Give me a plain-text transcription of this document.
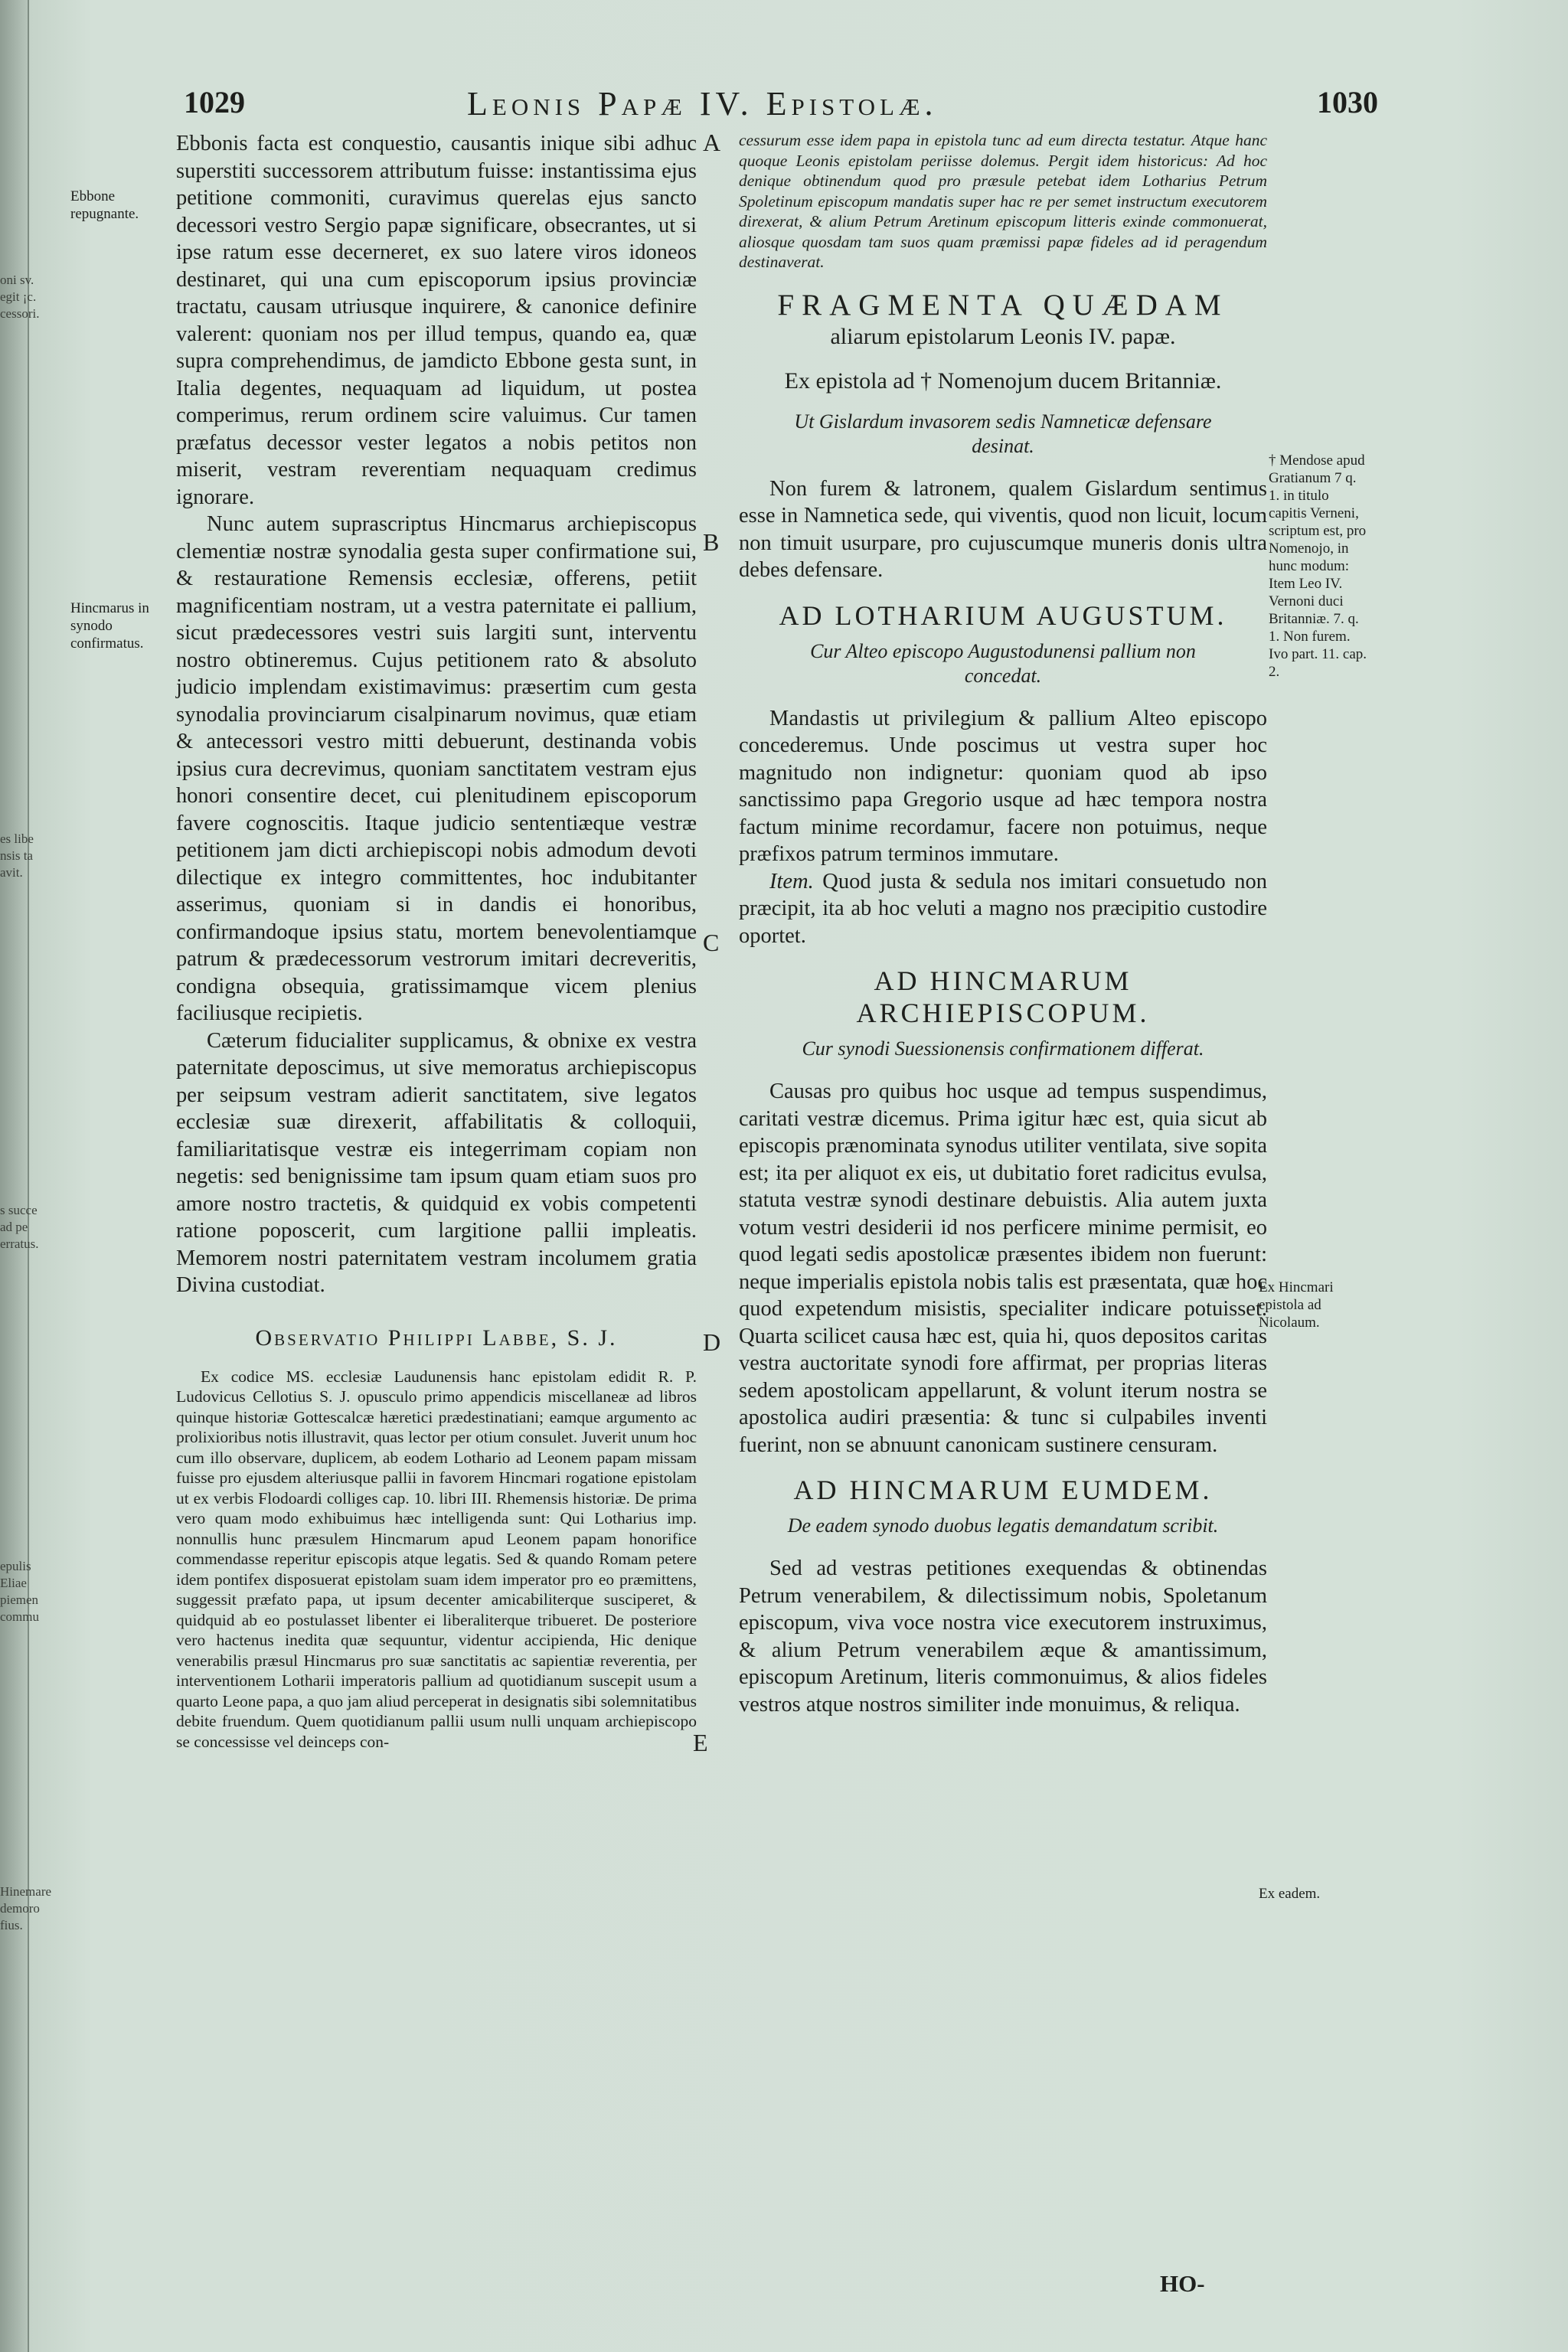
oni sv.
egit ¡c.
cessori.
es libe
nsis ta
avit.
s succe
ad pe
erratus.
epulis
Eliae
piemen
commu
Hinemare
demoro
fius.
1029	Leonis Papæ IV. Epistolæ.	1030

Ebbonis facta est conquestio, causantis inique sibi adhuc superstiti successorem attributum fuisse: instantissima ejus petitione commoniti, curavimus querelas ejus sancto decessori vestro Sergio papæ significare, obsecrantes, ut si ipse ratum esse decerneret, ex suo latere viros idoneos destinaret, qui una cum episcoporum ipsius provinciæ tractatu, causam utriusque inquirere, & canonice definire valerent: quoniam nos per illud tempus, quando ea, quæ supra comprehendimus, de jamdicto Ebbone gesta sunt, in Italia degentes, nequaquam ad liquidum, ut postea comperimus, rerum ordinem scire valuimus. Cur tamen præfatus decessor vester legatos a nobis petitos non miserit, vestram reverentiam nequaquam credimus ignorare.

Nunc autem suprascriptus Hincmarus archiepiscopus clementiæ nostræ synodalia gesta super confirmatione sui, & restauratione Remensis ecclesiæ, offerens, petiit magnificentiam nostram, ut a vestra paternitate ei pallium, sicut prædecessores vestri suis largiti sunt, interventu nostro obtineremus. Cujus petitionem rato & absoluto judicio implendam existimavimus: præsertim cum gesta synodalia provinciarum cisalpinarum novimus, quæ etiam & antecessori vestro mitti debuerunt, destinanda vobis ipsius cura decrevimus, quoniam sanctitatem vestram ejus honori consentire decet, cui plenitudinem episcoporum favere cognoscitis. Itaque judicio sententiæque vestræ petitionem jam dicti archiepiscopi nobis admodum devoti dilectique ex integro committentes, hoc indubitanter asserimus, quoniam si in dandis ei honoribus, confirmandoque ipsius statu, mortem benevolentiamque patrum & prædecessorum vestrorum imitari decreveritis, condigna obsequia, gratissimamque vicem plenius faciliusque recipietis.

Cæterum fiducialiter supplicamus, & obnixe ex vestra paternitate deposcimus, ut sive memoratus archiepiscopus per seipsum vestram adierit sanctitatem, sive legatos ecclesiæ suæ direxerit, affabilitatis & colloquii, familiaritatisque vestræ eis integerrimam copiam non negetis: sed benignissime tam ipsum quam etiam suos pro amore nostro tractetis, & quidquid ex vobis competenti ratione poposcerit, cum largitione pallii impleatis. Memorem nostri paternitatem vestram incolumem gratia Divina custodiat.

Observatio Philippi Labbe, S. J.

Ex codice MS. ecclesiæ Laudunensis hanc epistolam edidit R. P. Ludovicus Cellotius S. J. opusculo primo appendicis miscellaneæ ad libros quinque historiæ Gottescalcæ hæretici prædestinatiani; eamque argumento ac prolixioribus notis illustravit, quas lector per otium consulet. Juverit unum hoc cum illo observare, duplicem, ab eodem Lothario ad Leonem papam missam fuisse pro ejusdem alteriusque pallii in favorem Hincmari rogatione epistolam ut ex verbis Flodoardi colliges cap. 10. libri III. Rhemensis historiæ. De prima vero quam modo exhibuimus hæc intelligenda sunt: Qui Lotharius imp. nonnullis hunc præsulem Hincmarum apud Leonem papam honorifice commendasse reperitur episcopis atque legatis. Sed & quando Romam petere idem pontifex disposuerat epistolam suam idem imperator pro eo præmittens, suggessit præfato papa, ut ipsum decenter amicabiliterque susciperet, & quidquid ab eo postulasset libenter ei liberaliterque tribueret. De posteriore vero hactenus inedita quæ sequuntur, videntur accipienda, Hic denique venerabilis præsul Hincmarus pro suæ sanctitatis ac sapientiæ reverentia, per interventionem Lotharii imperatoris pallium ad quotidianum suscepit usum a quarto Leone papa, a quo jam aliud perceperat in designatis sibi solemnitatibus debite fruendum. Quem quotidianum pallii usum nulli unquam archiepiscopo se concessisse vel deinceps con-

cessurum esse idem papa in epistola tunc ad eum directa testatur. Atque hanc quoque Leonis epistolam periisse dolemus. Pergit idem historicus: Ad hoc denique obtinendum quod pro præsule petebat idem Lotharius Petrum Spoletinum episcopum mandatis super hac re per semet instructum executorem direxerat, & alium Petrum Aretinum episcopum litteris exinde commonuerat, aliosque quosdam tam suos quam præmissi papæ fideles ad id peragendum destinaverat.

FRAGMENTA QUÆDAM
aliarum epistolarum Leonis IV. papæ.
Ex epistola ad † Nomenojum ducem Britanniæ.
Ut Gislardum invasorem sedis Namneticæ defensare desinat.

Non furem & latronem, qualem Gislardum sentimus esse in Namnetica sede, qui viventis, quod non licuit, locum non timuit usurpare, pro cujuscumque muneris donis ultra debes defensare.

AD LOTHARIUM AUGUSTUM.
Cur Alteo episcopo Augustodunensi pallium non concedat.

Mandastis ut privilegium & pallium Alteo episcopo concederemus. Unde poscimus ut vestra super hoc magnitudo non indignetur: quoniam quod ab ipso sanctissimo papa Gregorio usque ad hæc tempora nostra factum minime recordamur, facere non potuimus, neque præfixos patrum terminos immutare.

Item. Quod justa & sedula nos imitari consuetudo non præcipit, ita ab hoc veluti a magno nos præcipitio custodire oportet.

AD HINCMARUM ARCHIEPISCOPUM.
Cur synodi Suessionensis confirmationem differat.

Causas pro quibus hoc usque ad tempus suspendimus, caritati vestræ dicemus. Prima igitur hæc est, quia sicut ab episcopis prænominata synodus utiliter ventilata, sive sopita est; ita per aliquot ex eis, ut dubitatio foret radicitus evulsa, statuta vestræ synodi destinare debuistis. Alia autem juxta votum vestri desiderii id nos perficere minime permisit, eo quod legati sedis apostolicæ præsentes ibidem non fuerunt: neque imperialis epistola nobis talis est præsentata, quæ hoc quod expetendum misistis, specialiter indicare potuisset. Quarta scilicet causa hæc est, quia hi, quos depositos caritas vestra auctoritate synodi fore affirmat, per proprias literas sedem apostolicam appellarunt, & volunt iterum nostra se apostolica audiri præsentia: & tunc si culpabiles inventi fuerint, non se abnuunt canonicam sustinere censuram.

AD HINCMARUM EUMDEM.
De eadem synodo duobus legatis demandatum scribit.

Sed ad vestras petitiones exequendas & obtinendas Petrum venerabilem, & dilectissimum nobis, Spoletanum episcopum, viva voce nostra vice executorem instruximus, & alium Petrum venerabilem æque & amantissimum, episcopum Aretinum, literis commonuimus, & alios fideles vestros atque nostros similiter inde monuimus, & reliqua.

HO-
Ebbone repugnante.
Hincmarus in synodo confirmatus.
† Mendose apud Gratianum 7 q. 1. in titulo capitis Verneni, scriptum est, pro Nomenojo, in hunc modum: Item Leo IV. Vernoni duci Britanniæ. 7. q. 1. Non furem. Ivo part. 11. cap. 2.
Ex Hincmari epistola ad Nicolaum.
Ex eadem.
A
B
C
D
E
